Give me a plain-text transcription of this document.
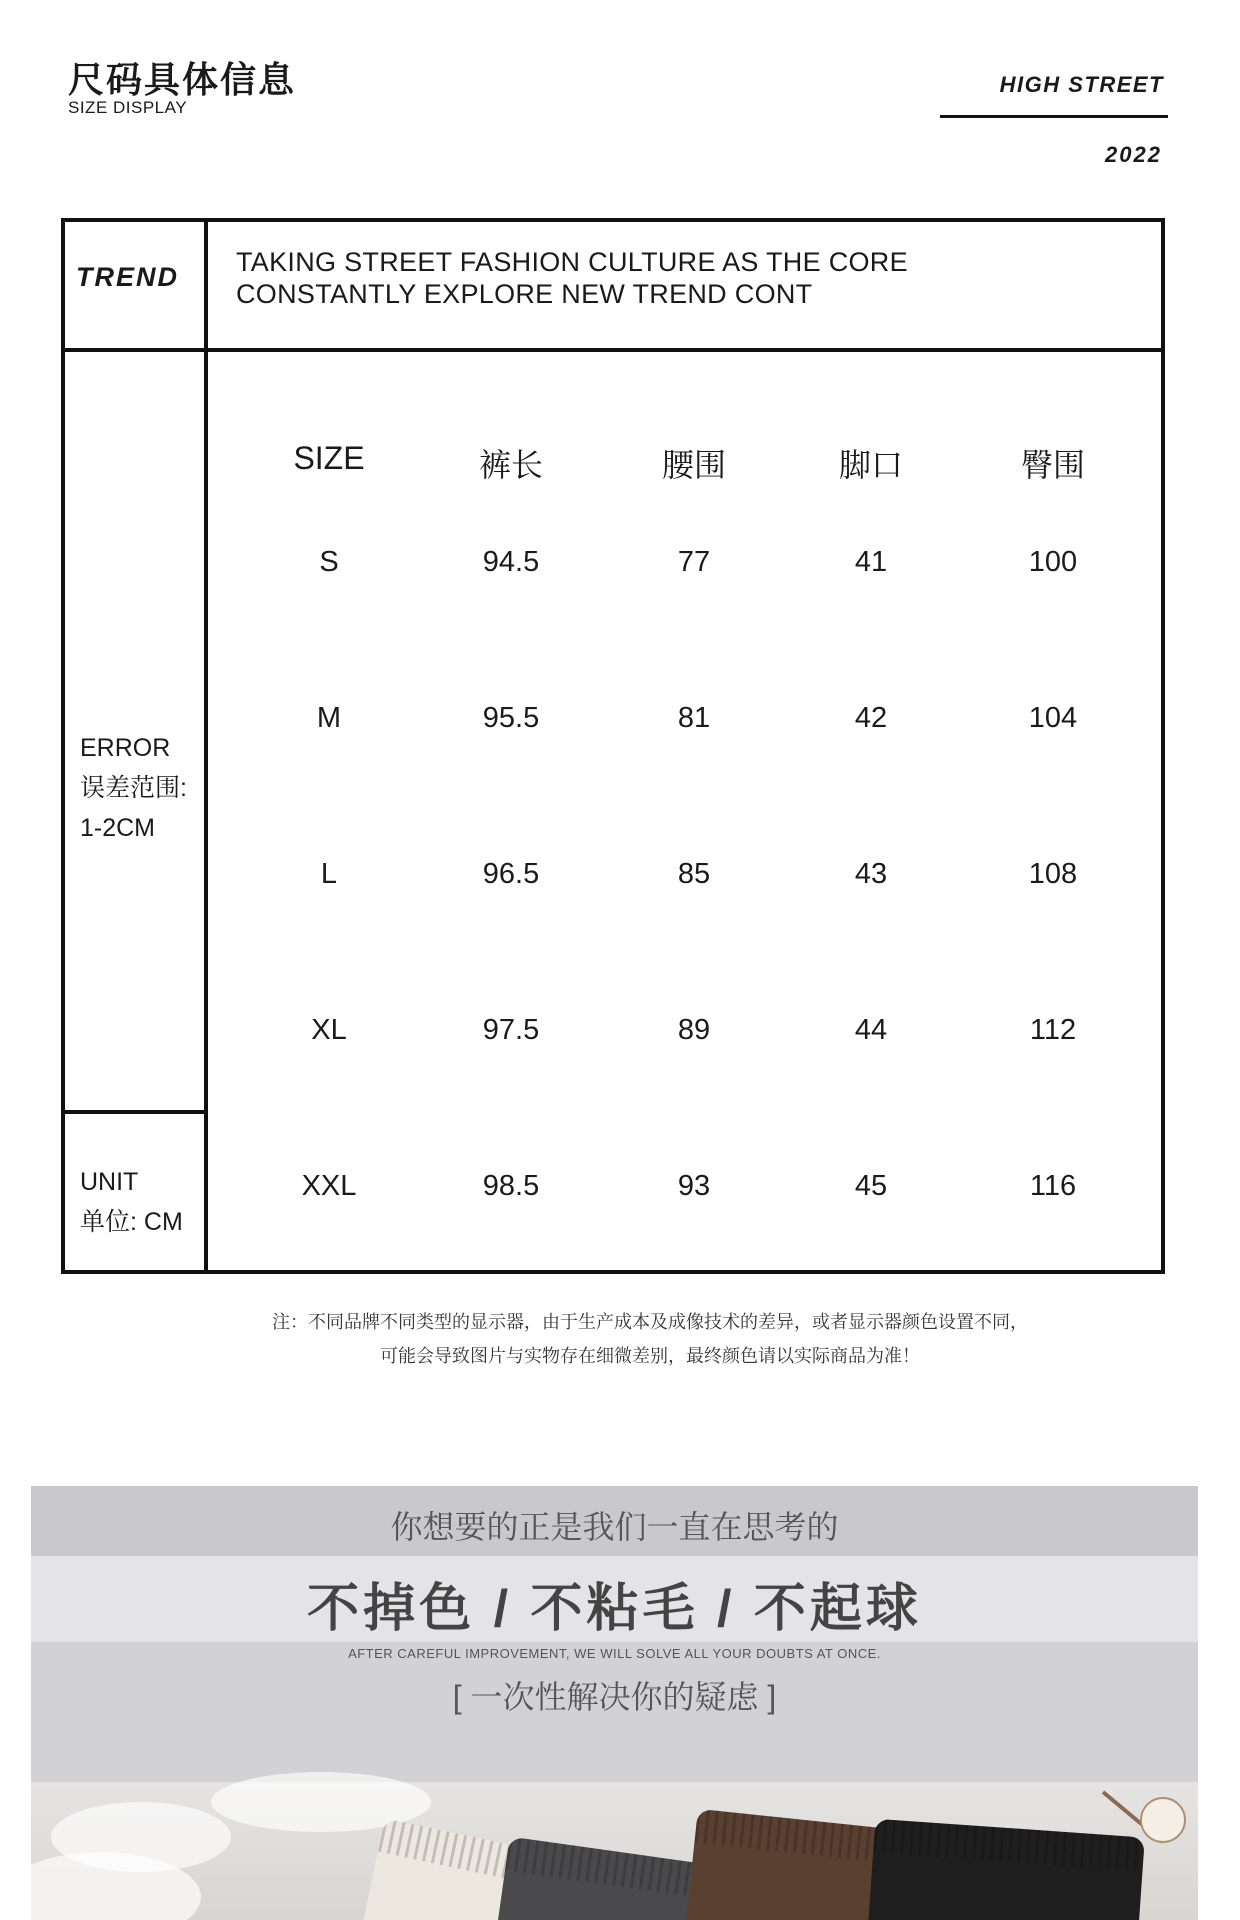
尺码具体信息
SIZE DISPLAY
HIGH STREET
2022
TREND TAKING STREET FASHION CULTURE AS THE CORE
CONSTANTLY EXPLORE NEW TREND CONT
ERROR
误差范围:
1-2CM
UNIT
单位: CM
SIZE	裤长	腰围	脚口	臀围
S	94.5	77	41	100
M	95.5	81	42	104
L	96.5	85	43	108
XL	97.5	89	44	112
XXL	98.5	93	45	116
注：不同品牌不同类型的显示器，由于生产成本及成像技术的差异，或者显示器颜色设置不同，
可能会导致图片与实物存在细微差别，最终颜色请以实际商品为准！
你想要的正是我们一直在思考的
不掉色 / 不粘毛 / 不起球
AFTER CAREFUL IMPROVEMENT, WE WILL SOLVE ALL YOUR DOUBTS AT ONCE.
[ 一次性解决你的疑虑 ]
